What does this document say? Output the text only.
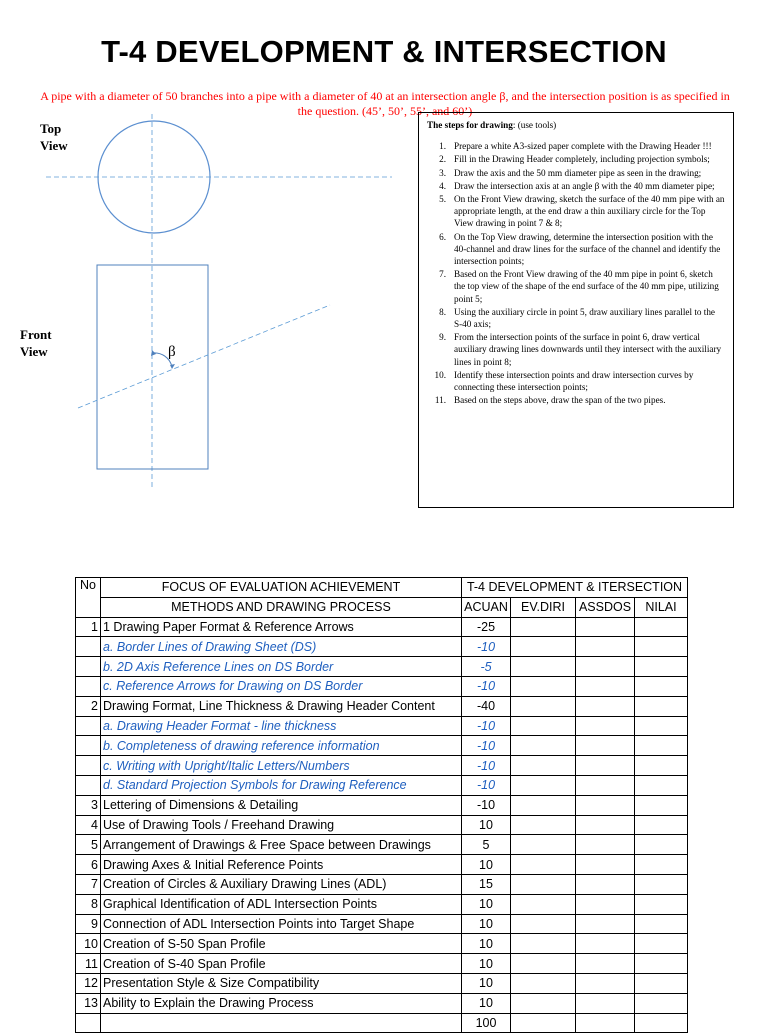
T-4 DEVELOPMENT & INTERSECTION
A pipe with a diameter of 50 branches into a pipe with a diameter of 40 at an intersection angle β, and the intersection position is as specified in the question. (45’, 50’, 55’, and 60’)
Top
View
Front
View	β
The steps for drawing: (use tools)
1. Prepare a white A3-sized paper complete with the Drawing Header !!!
2. Fill in the Drawing Header completely, including projection symbols;
3. Draw the axis and the 50 mm diameter pipe as seen in the drawing;
4. Draw the intersection axis at an angle β with the 40 mm diameter pipe;
5. On the Front View drawing, sketch the surface of the 40 mm pipe with an appropriate length, at the end draw a thin auxiliary circle for the Top View drawing in point 7 & 8;
6. On the Top View drawing, determine the intersection position with the 40-channel and draw lines for the surface of the channel and identify the intersection points;
7. Based on the Front View drawing of the 40 mm pipe in point 6, sketch the top view of the shape of the end surface of the 40 mm pipe, utilizing point 5;
8. Using the auxiliary circle in point 5, draw auxiliary lines parallel to the S-40 axis;
9. From the intersection points of the surface in point 6, draw vertical auxiliary drawing lines downwards until they intersect with the auxiliary lines in point 8;
10. Identify these intersection points and draw intersection curves by connecting these intersection points;
11. Based on the steps above, draw the span of the two pipes.
No	FOCUS OF EVALUATION ACHIEVEMENT	T-4 DEVELOPMENT & ITERSECTION			
	METHODS AND DRAWING PROCESS	ACUAN	EV.DIRI	ASSDOS	NILAI
1	1 Drawing Paper Format & Reference Arrows	-25			
	a. Border Lines of Drawing Sheet (DS)	-10			
	b. 2D Axis Reference Lines on DS Border	-5			
	c. Reference Arrows for Drawing on DS Border	-10			
2	Drawing Format, Line Thickness & Drawing Header Content	-40			
	a. Drawing Header Format - line thickness	-10			
	b. Completeness of drawing reference information	-10			
	c. Writing with Upright/Italic Letters/Numbers	-10			
	d. Standard Projection Symbols for Drawing Reference	-10			
3	Lettering of Dimensions & Detailing	-10			
4	Use of Drawing Tools / Freehand Drawing	10			
5	Arrangement of Drawings & Free Space between Drawings	5			
6	Drawing Axes & Initial Reference Points	10			
7	Creation of Circles & Auxiliary Drawing Lines (ADL)	15			
8	Graphical Identification of ADL Intersection Points	10			
9	Connection of ADL Intersection Points into Target Shape	10			
10	Creation of S-50 Span Profile	10			
11	Creation of S-40 Span Profile	10			
12	Presentation Style & Size Compatibility	10			
13	Ability to Explain the Drawing Process	10			
		100			
